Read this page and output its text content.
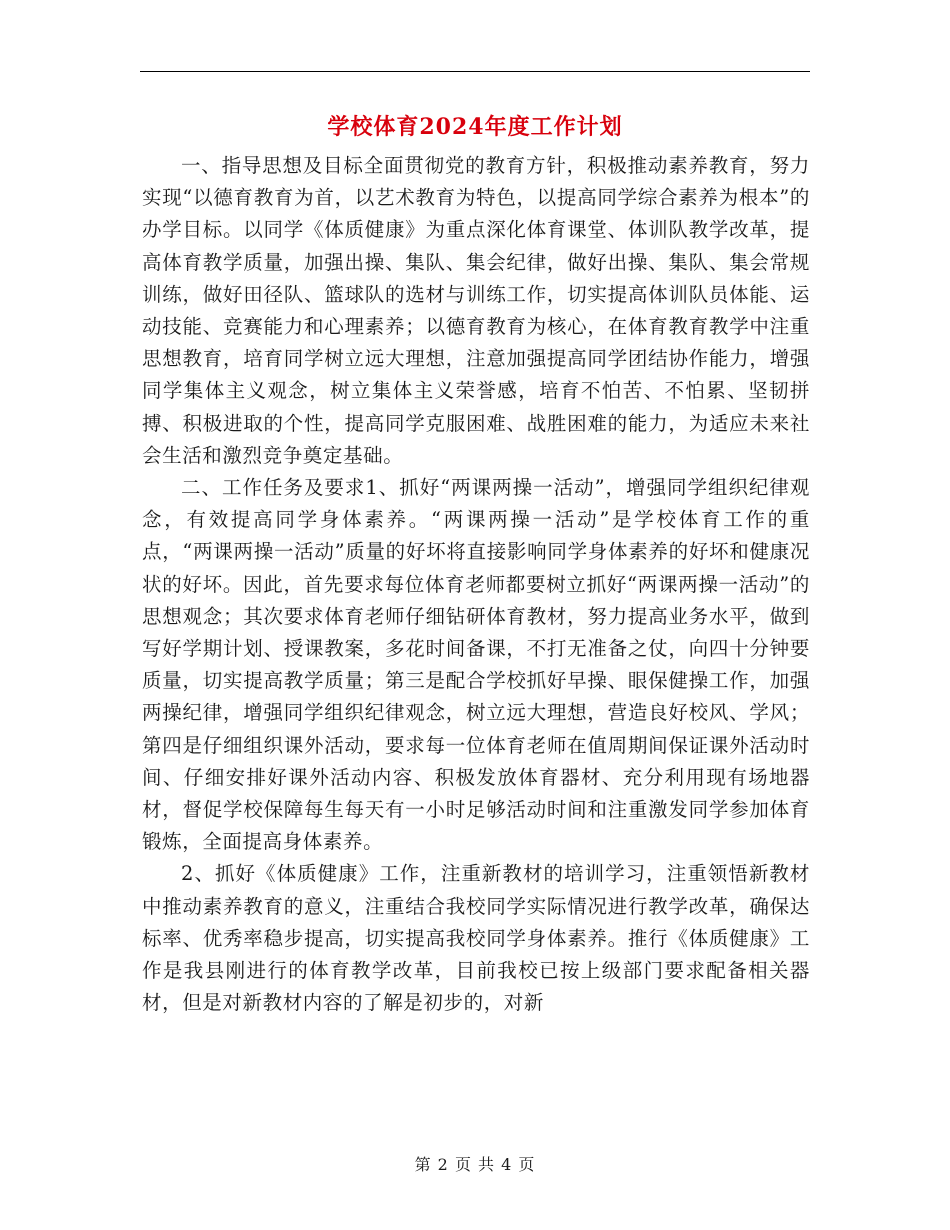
学校体育2024年度工作计划

一、指导思想及目标全面贯彻党的教育方针，积极推动素养教育，努力实现“以德育教育为首，以艺术教育为特色，以提高同学综合素养为根本”的办学目标。以同学《体质健康》为重点深化体育课堂、体训队教学改革，提高体育教学质量，加强出操、集队、集会纪律，做好出操、集队、集会常规训练，做好田径队、篮球队的选材与训练工作，切实提高体训队员体能、运动技能、竞赛能力和心理素养；以德育教育为核心，在体育教育教学中注重思想教育，培育同学树立远大理想，注意加强提高同学团结协作能力，增强同学集体主义观念，树立集体主义荣誉感，培育不怕苦、不怕累、坚韧拼搏、积极进取的个性，提高同学克服困难、战胜困难的能力，为适应未来社会生活和激烈竞争奠定基础。

二、工作任务及要求1、抓好“两课两操一活动”，增强同学组织纪律观念，有效提高同学身体素养。“两课两操一活动”是学校体育工作的重点，“两课两操一活动”质量的好坏将直接影响同学身体素养的好坏和健康况状的好坏。因此，首先要求每位体育老师都要树立抓好“两课两操一活动”的思想观念；其次要求体育老师仔细钻研体育教材，努力提高业务水平，做到写好学期计划、授课教案，多花时间备课，不打无准备之仗，向四十分钟要质量，切实提高教学质量；第三是配合学校抓好早操、眼保健操工作，加强两操纪律，增强同学组织纪律观念，树立远大理想，营造良好校风、学风；第四是仔细组织课外活动，要求每一位体育老师在值周期间保证课外活动时间、仔细安排好课外活动内容、积极发放体育器材、充分利用现有场地器材，督促学校保障每生每天有一小时足够活动时间和注重激发同学参加体育锻炼，全面提高身体素养。

2、抓好《体质健康》工作，注重新教材的培训学习，注重领悟新教材中推动素养教育的意义，注重结合我校同学实际情况进行教学改革，确保达标率、优秀率稳步提高，切实提高我校同学身体素养。推行《体质健康》工作是我县刚进行的体育教学改革，目前我校已按上级部门要求配备相关器材，但是对新教材内容的了解是初步的，对新

第 2 页 共 4 页
